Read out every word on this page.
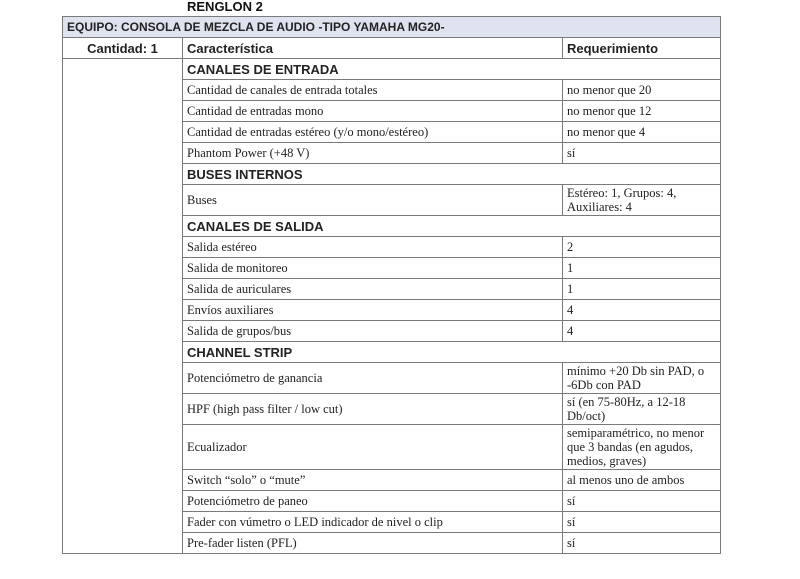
RENGLON 2
EQUIPO: CONSOLA DE MEZCLA DE AUDIO -TIPO YAMAHA MG20-		
Cantidad: 1	Característica	Requerimiento
	CANALES DE ENTRADA	
	Cantidad de canales de entrada totales	no menor que 20
	Cantidad de entradas mono	no menor que 12
	Cantidad de entradas estéreo (y/o mono/estéreo)	no menor que 4
	Phantom Power (+48 V)	sí
	BUSES INTERNOS	
	Buses	Estéreo: 1, Grupos: 4, Auxiliares: 4
	CANALES DE SALIDA	
	Salida estéreo	2
	Salida de monitoreo	1
	Salida de auriculares	1
	Envíos auxiliares	4
	Salida de grupos/bus	4
	CHANNEL STRIP	
	Potenciómetro de ganancia	mínimo +20 Db sin PAD, o -6Db con PAD
	HPF (high pass filter / low cut)	sí (en 75-80Hz, a 12-18 Db/oct)
	Ecualizador	semiparamétrico, no menor que 3 bandas (en agudos, medios, graves)
	Switch “solo” o “mute”	al menos uno de ambos
	Potenciómetro de paneo	sí
	Fader con vúmetro o LED indicador de nivel o clip	sí
	Pre-fader listen (PFL)	sí
